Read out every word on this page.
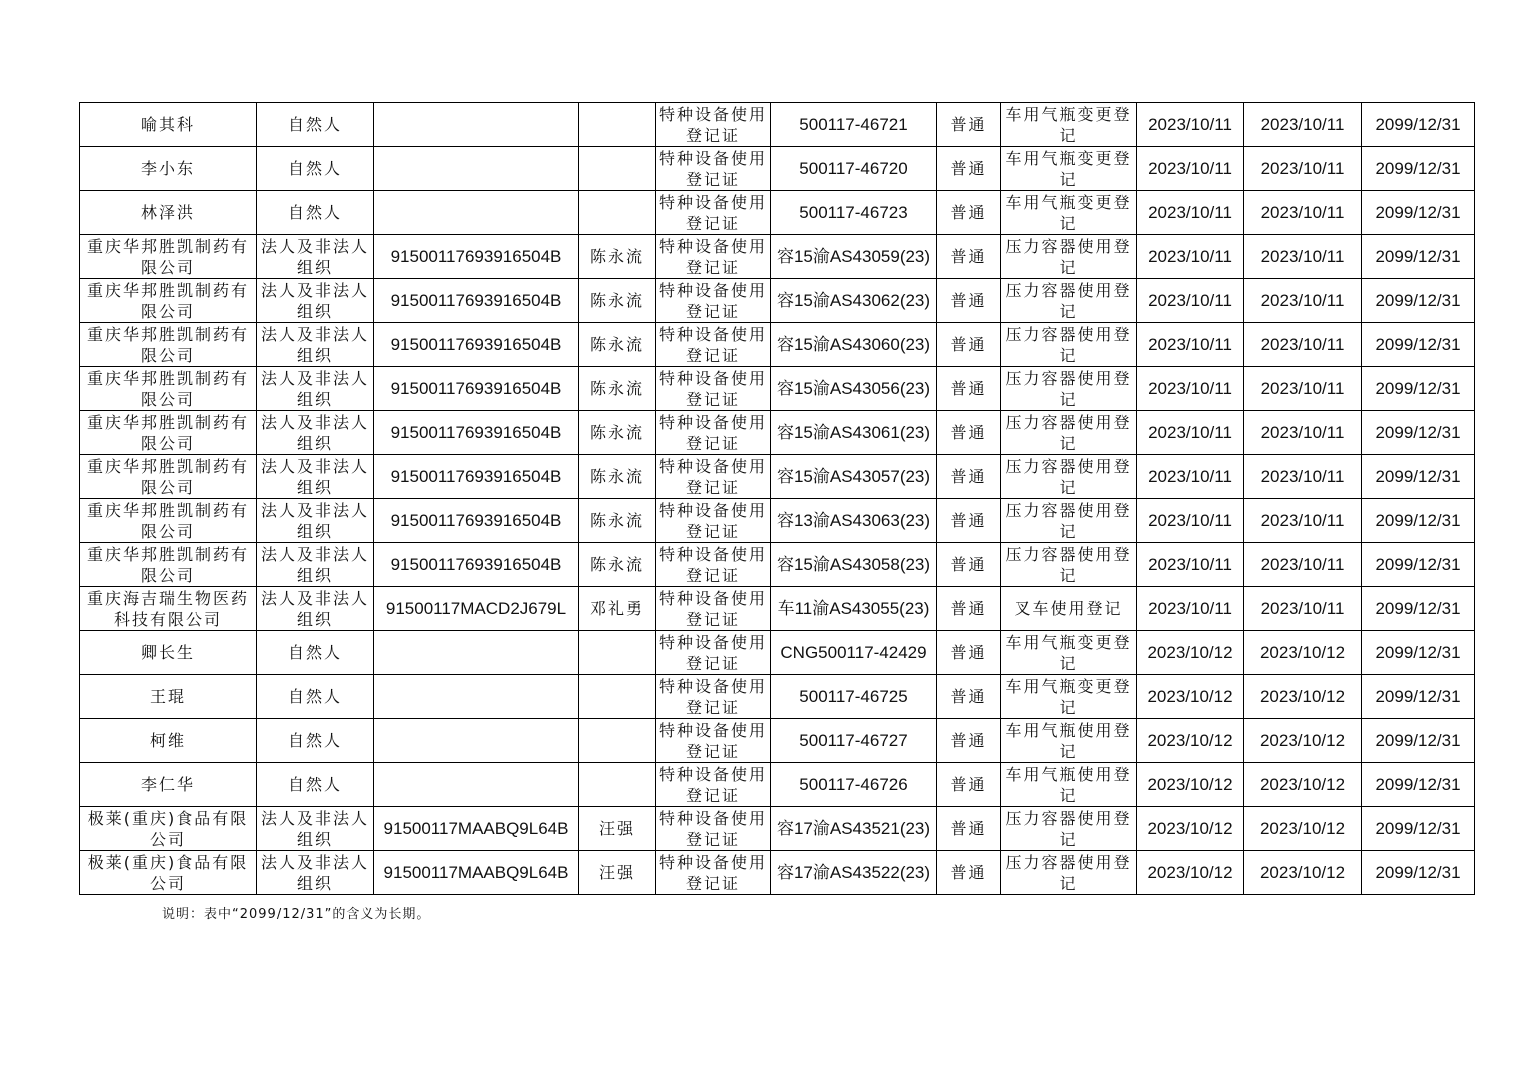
喻其科	自然人			特种设备使用登记证	500117-46721	普通	车用气瓶变更登记	2023/10/11	2023/10/11	2099/12/31
李小东	自然人			特种设备使用登记证	500117-46720	普通	车用气瓶变更登记	2023/10/11	2023/10/11	2099/12/31
林泽洪	自然人			特种设备使用登记证	500117-46723	普通	车用气瓶变更登记	2023/10/11	2023/10/11	2099/12/31
重庆华邦胜凯制药有限公司	法人及非法人组织	91500117693916504B	陈永流	特种设备使用登记证	容15渝AS43059(23)	普通	压力容器使用登记	2023/10/11	2023/10/11	2099/12/31
重庆华邦胜凯制药有限公司	法人及非法人组织	91500117693916504B	陈永流	特种设备使用登记证	容15渝AS43062(23)	普通	压力容器使用登记	2023/10/11	2023/10/11	2099/12/31
重庆华邦胜凯制药有限公司	法人及非法人组织	91500117693916504B	陈永流	特种设备使用登记证	容15渝AS43060(23)	普通	压力容器使用登记	2023/10/11	2023/10/11	2099/12/31
重庆华邦胜凯制药有限公司	法人及非法人组织	91500117693916504B	陈永流	特种设备使用登记证	容15渝AS43056(23)	普通	压力容器使用登记	2023/10/11	2023/10/11	2099/12/31
重庆华邦胜凯制药有限公司	法人及非法人组织	91500117693916504B	陈永流	特种设备使用登记证	容15渝AS43061(23)	普通	压力容器使用登记	2023/10/11	2023/10/11	2099/12/31
重庆华邦胜凯制药有限公司	法人及非法人组织	91500117693916504B	陈永流	特种设备使用登记证	容15渝AS43057(23)	普通	压力容器使用登记	2023/10/11	2023/10/11	2099/12/31
重庆华邦胜凯制药有限公司	法人及非法人组织	91500117693916504B	陈永流	特种设备使用登记证	容13渝AS43063(23)	普通	压力容器使用登记	2023/10/11	2023/10/11	2099/12/31
重庆华邦胜凯制药有限公司	法人及非法人组织	91500117693916504B	陈永流	特种设备使用登记证	容15渝AS43058(23)	普通	压力容器使用登记	2023/10/11	2023/10/11	2099/12/31
重庆海吉瑞生物医药科技有限公司	法人及非法人组织	91500117MACD2J679L	邓礼勇	特种设备使用登记证	车11渝AS43055(23)	普通	叉车使用登记	2023/10/11	2023/10/11	2099/12/31
卿长生	自然人			特种设备使用登记证	CNG500117-42429	普通	车用气瓶变更登记	2023/10/12	2023/10/12	2099/12/31
王琨	自然人			特种设备使用登记证	500117-46725	普通	车用气瓶变更登记	2023/10/12	2023/10/12	2099/12/31
柯维	自然人			特种设备使用登记证	500117-46727	普通	车用气瓶使用登记	2023/10/12	2023/10/12	2099/12/31
李仁华	自然人			特种设备使用登记证	500117-46726	普通	车用气瓶使用登记	2023/10/12	2023/10/12	2099/12/31
极莱(重庆)食品有限公司	法人及非法人组织	91500117MAABQ9L64B	汪强	特种设备使用登记证	容17渝AS43521(23)	普通	压力容器使用登记	2023/10/12	2023/10/12	2099/12/31
极莱(重庆)食品有限公司	法人及非法人组织	91500117MAABQ9L64B	汪强	特种设备使用登记证	容17渝AS43522(23)	普通	压力容器使用登记	2023/10/12	2023/10/12	2099/12/31
说明：表中“2099/12/31”的含义为长期。
